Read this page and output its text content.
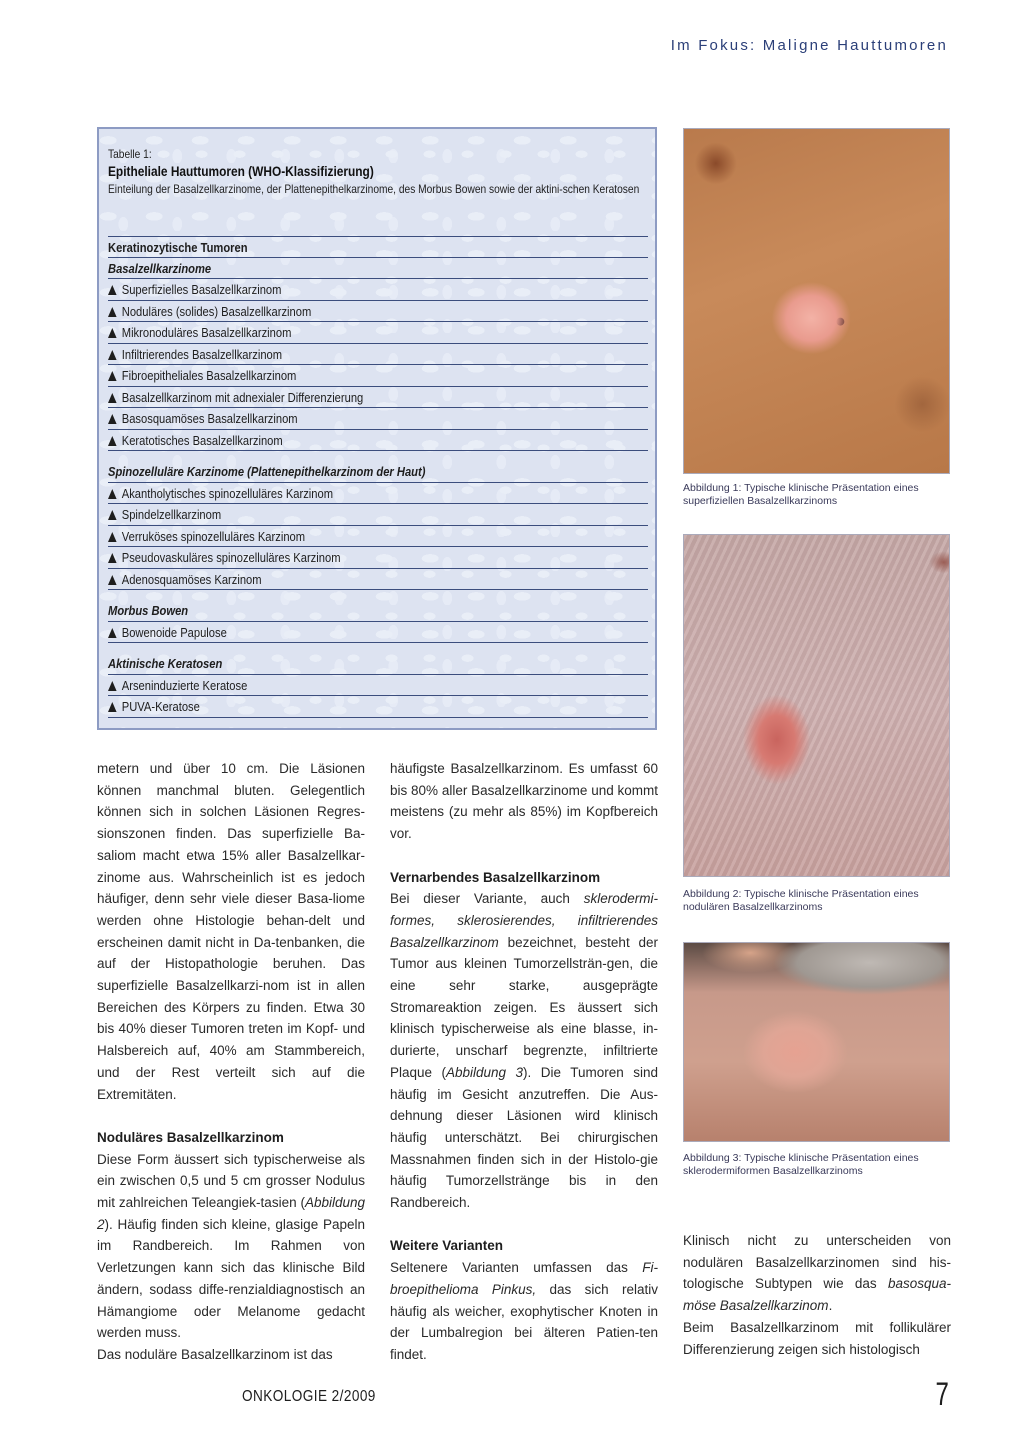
Im Fokus: Maligne Hauttumoren
Tabelle 1:
Epitheliale Hauttumoren (WHO-Klassifizierung)
Einteilung der Basalzellkarzinome, der Plattenepithelkarzinome, des Morbus Bowen sowie der aktini-schen Keratosen
Keratinozytische Tumoren
Basalzellkarzinome
Superfizielles Basalzellkarzinom
Noduläres (solides) Basalzellkarzinom
Mikronoduläres Basalzellkarzinom
Infiltrierendes Basalzellkarzinom
Fibroepitheliales Basalzellkarzinom
Basalzellkarzinom mit adnexialer Differenzierung
Basosquamöses Basalzellkarzinom
Keratotisches Basalzellkarzinom
Spinozelluläre Karzinome (Plattenepithelkarzinom der Haut)
Akantholytisches spinozelluläres Karzinom
Spindelzellkarzinom
Verruköses spinozelluläres Karzinom
Pseudovaskuläres spinozelluläres Karzinom
Adenosquamöses Karzinom
Morbus Bowen
Bowenoide Papulose
Aktinische Keratosen
Arseninduzierte Keratose
PUVA-Keratose
Abbildung 1: Typische klinische Präsentation eines superfiziellen Basalzellkarzinoms
Abbildung 2: Typische klinische Präsentation eines nodulären Basalzellkarzinoms
Abbildung 3: Typische klinische Präsentation eines sklerodermiformen Basalzellkarzinoms

metern und über 10 cm. Die Läsionen können manchmal bluten. Gelegentlich können sich in solchen Läsionen Regres-sionszonen finden. Das superfizielle Ba-saliom macht etwa 15% aller Basalzellkar-zinome aus. Wahrscheinlich ist es jedoch häufiger, denn sehr viele dieser Basa-liome werden ohne Histologie behan-delt und erscheinen damit nicht in Da-tenbanken, die auf der Histopathologie beruhen. Das superfizielle Basalzellkarzi-nom ist in allen Bereichen des Körpers zu finden. Etwa 30 bis 40% dieser Tumoren treten im Kopf- und Halsbereich auf, 40% am Stammbereich, und der Rest verteilt sich auf die Extremitäten.

Noduläres Basalzellkarzinom

Diese Form äussert sich typischerweise als ein zwischen 0,5 und 5 cm grosser Nodulus mit zahlreichen Teleangiek-tasien (Abbildung 2). Häufig finden sich kleine, glasige Papeln im Randbereich. Im Rahmen von Verletzungen kann sich das klinische Bild ändern, sodass diffe-renzialdiagnostisch an Hämangiome oder Melanome gedacht werden muss.

Das noduläre Basalzellkarzinom ist das

häufigste Basalzellkarzinom. Es umfasst 60 bis 80% aller Basalzellkarzinome und kommt meistens (zu mehr als 85%) im Kopfbereich vor.

Vernarbendes Basalzellkarzinom

Bei dieser Variante, auch sklerodermi-formes, sklerosierendes, infiltrierendes Basalzellkarzinom bezeichnet, besteht der Tumor aus kleinen Tumorzellsträn-gen, die eine sehr starke, ausgeprägte Stromareaktion zeigen. Es äussert sich klinisch typischerweise als eine blasse, in-durierte, unscharf begrenzte, infiltrierte Plaque (Abbildung 3). Die Tumoren sind häufig im Gesicht anzutreffen. Die Aus-dehnung dieser Läsionen wird klinisch häufig unterschätzt. Bei chirurgischen Massnahmen finden sich in der Histolo-gie häufig Tumorzellstränge bis in den Randbereich.

Weitere Varianten

Seltenere Varianten umfassen das Fi-broepithelioma Pinkus, das sich relativ häufig als weicher, exophytischer Knoten in der Lumbalregion bei älteren Patien-ten findet.

Klinisch nicht zu unterscheiden von nodulären Basalzellkarzinomen sind his-tologische Subtypen wie das basosqua-möse Basalzellkarzinom.

Beim Basalzellkarzinom mit follikulärer Differenzierung zeigen sich histologisch

ONKOLOGIE 2/2009	7
